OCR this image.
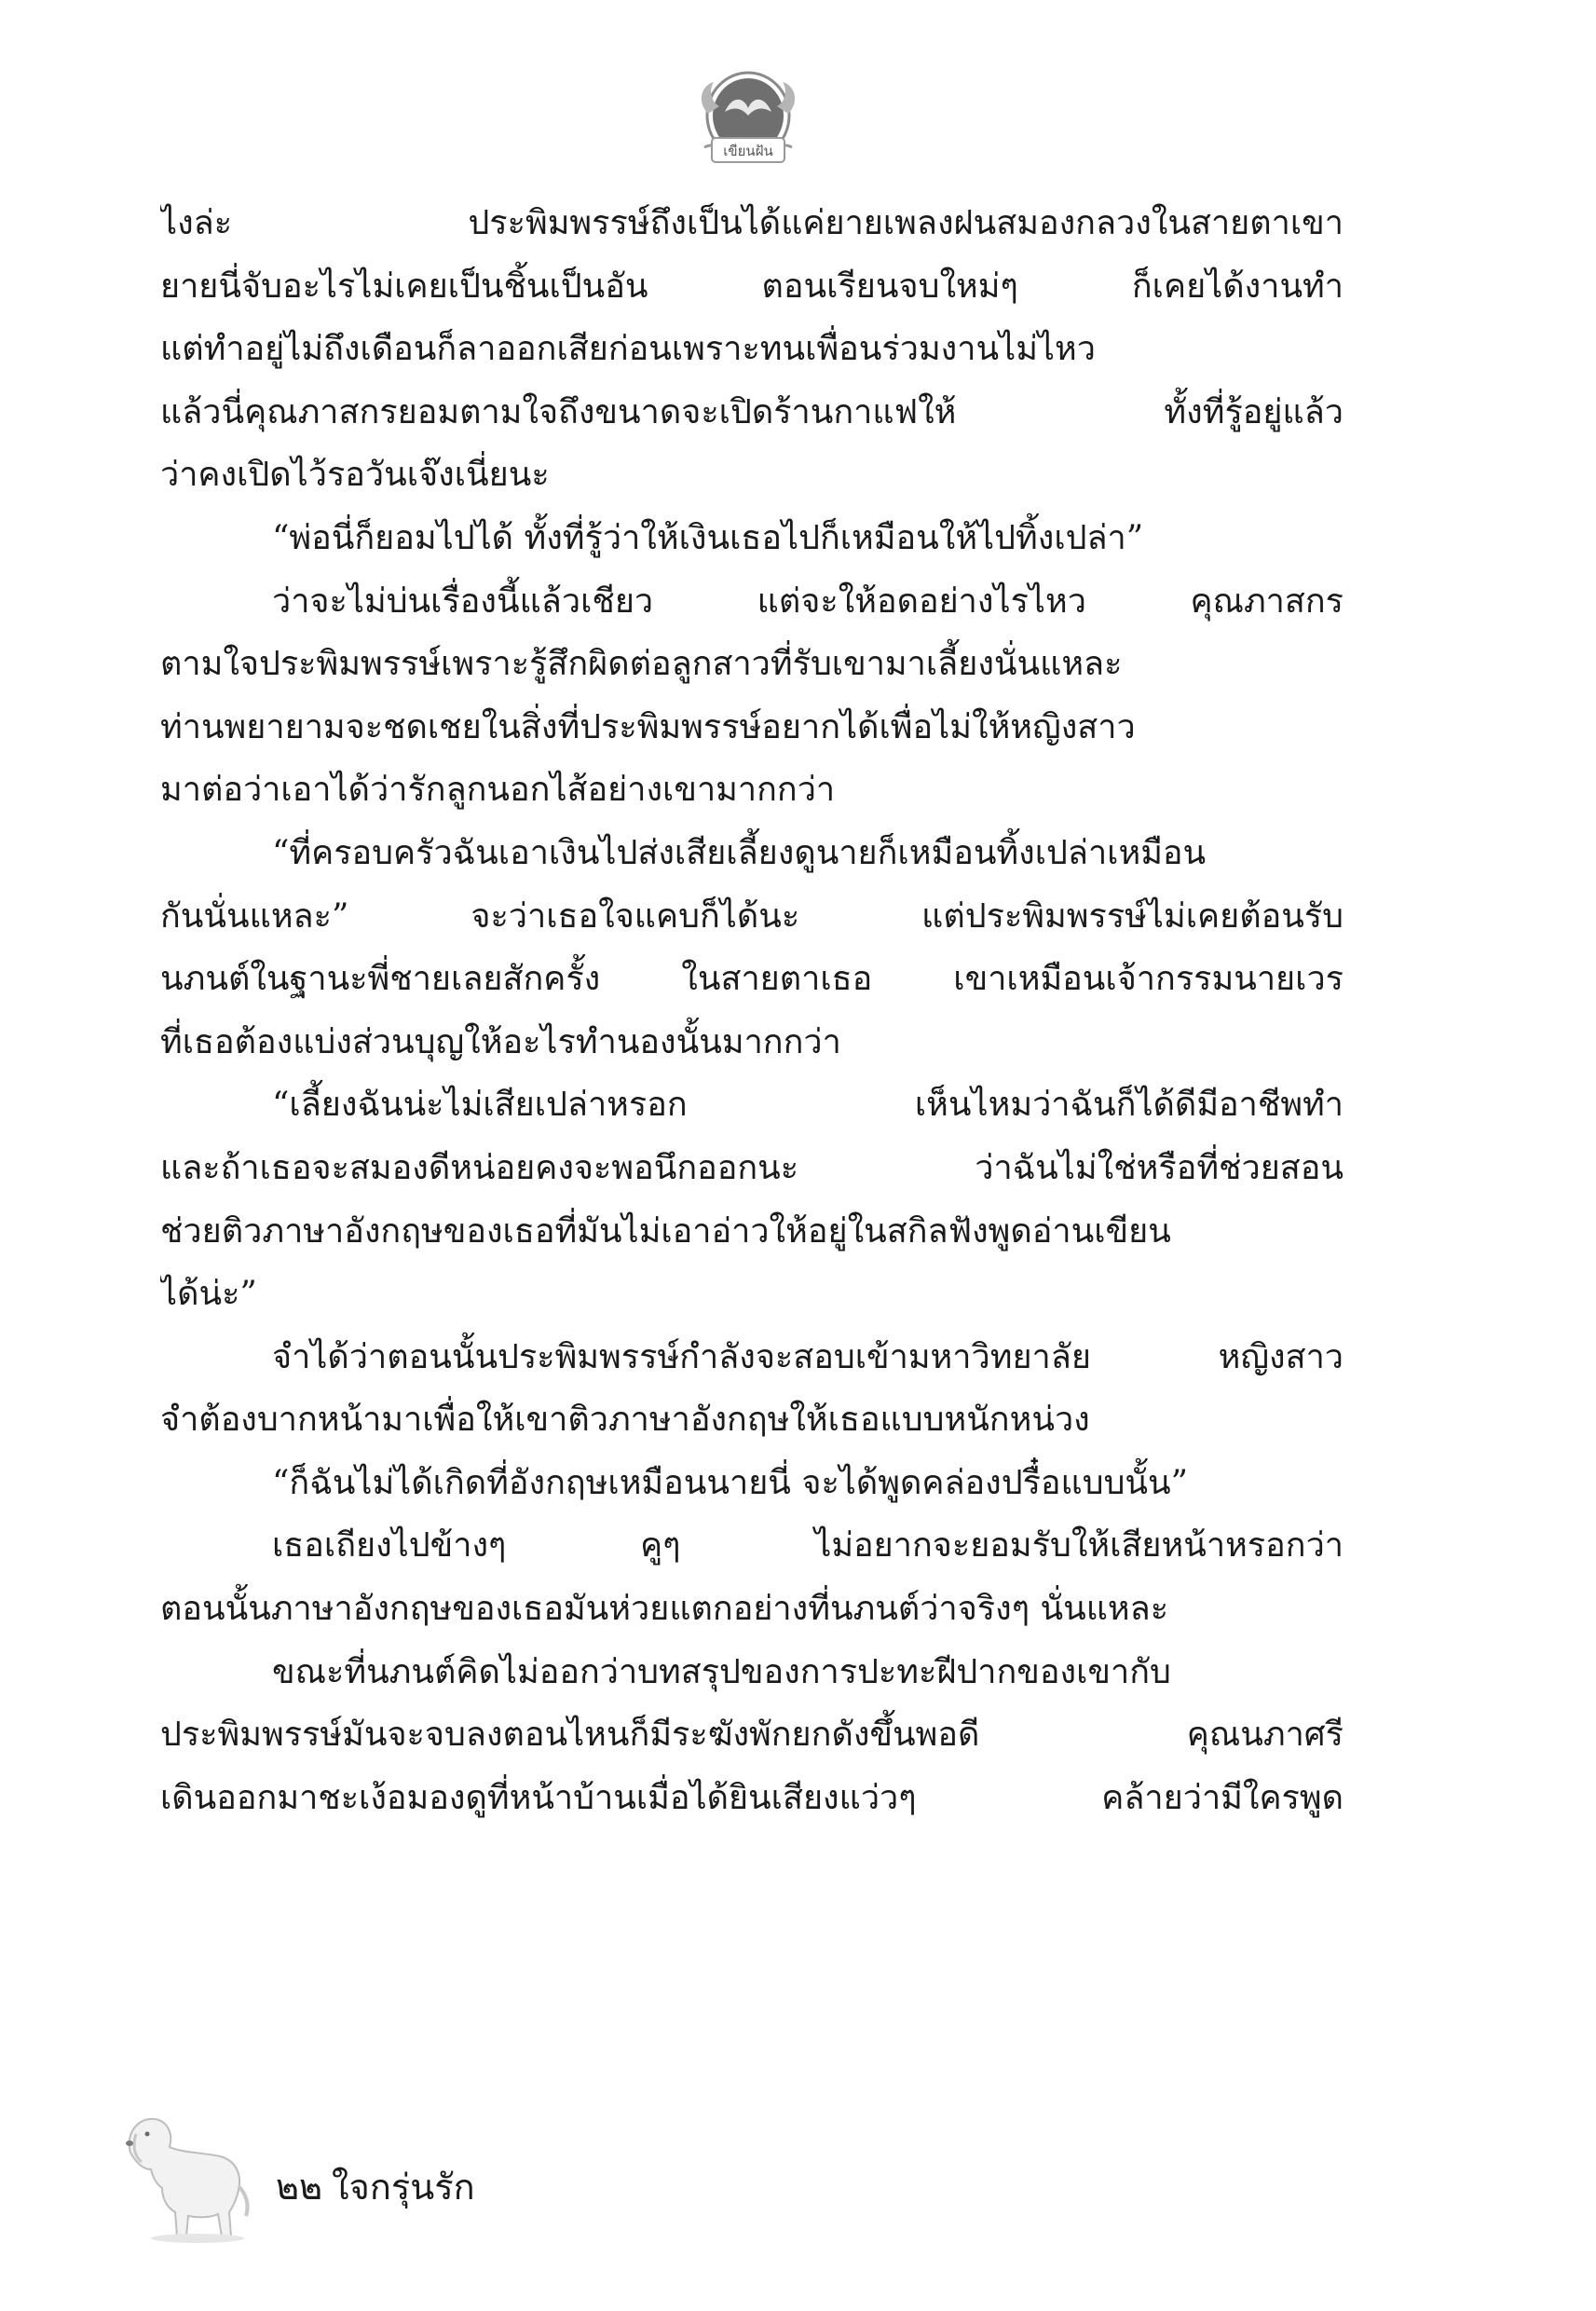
เขียนฝัน
ไงล่ะ ประพิมพรรษ์ถึงเป็นได้แค่ยายเพลงฝนสมองกลวงในสายตาเขา
ยายนี่จับอะไรไม่เคยเป็นชิ้นเป็นอัน ตอนเรียนจบใหม่ๆ ก็เคยได้งานทำ
แต่ทำอยู่ไม่ถึงเดือนก็ลาออกเสียก่อนเพราะทนเพื่อนร่วมงานไม่ไหว
แล้วนี่คุณภาสกรยอมตามใจถึงขนาดจะเปิดร้านกาแฟให้ ทั้งที่รู้อยู่แล้ว
ว่าคงเปิดไว้รอวันเจ๊งเนี่ยนะ
“พ่อนี่ก็ยอมไปได้ ทั้งที่รู้ว่าให้เงินเธอไปก็เหมือนให้ไปทิ้งเปล่า”
ว่าจะไม่บ่นเรื่องนี้แล้วเชียว แต่จะให้อดอย่างไรไหว คุณภาสกร
ตามใจประพิมพรรษ์เพราะรู้สึกผิดต่อลูกสาวที่รับเขามาเลี้ยงนั่นแหละ
ท่านพยายามจะชดเชยในสิ่งที่ประพิมพรรษ์อยากได้เพื่อไม่ให้หญิงสาว
มาต่อว่าเอาได้ว่ารักลูกนอกไส้อย่างเขามากกว่า
“ที่ครอบครัวฉันเอาเงินไปส่งเสียเลี้ยงดูนายก็เหมือนทิ้งเปล่าเหมือน
กันนั่นแหละ” จะว่าเธอใจแคบก็ได้นะ แต่ประพิมพรรษ์ไม่เคยต้อนรับ
นภนต์ในฐานะพี่ชายเลยสักครั้ง ในสายตาเธอ เขาเหมือนเจ้ากรรมนายเวร
ที่เธอต้องแบ่งส่วนบุญให้อะไรทำนองนั้นมากกว่า
“เลี้ยงฉันน่ะไม่เสียเปล่าหรอก เห็นไหมว่าฉันก็ได้ดีมีอาชีพทำ
และถ้าเธอจะสมองดีหน่อยคงจะพอนึกออกนะ ว่าฉันไม่ใช่หรือที่ช่วยสอน
ช่วยติวภาษาอังกฤษของเธอที่มันไม่เอาอ่าวให้อยู่ในสกิลฟังพูดอ่านเขียน
ได้น่ะ”
จำได้ว่าตอนนั้นประพิมพรรษ์กำลังจะสอบเข้ามหาวิทยาลัย หญิงสาว
จำต้องบากหน้ามาเพื่อให้เขาติวภาษาอังกฤษให้เธอแบบหนักหน่วง
“ก็ฉันไม่ได้เกิดที่อังกฤษเหมือนนายนี่ จะได้พูดคล่องปรื๋อแบบนั้น”
เธอเถียงไปข้างๆ คูๆ ไม่อยากจะยอมรับให้เสียหน้าหรอกว่า
ตอนนั้นภาษาอังกฤษของเธอมันห่วยแตกอย่างที่นภนต์ว่าจริงๆ นั่นแหละ
ขณะที่นภนต์คิดไม่ออกว่าบทสรุปของการปะทะฝีปากของเขากับ
ประพิมพรรษ์มันจะจบลงตอนไหนก็มีระฆังพักยกดังขึ้นพอดี คุณนภาศรี
เดินออกมาชะเง้อมองดูที่หน้าบ้านเมื่อได้ยินเสียงแว่วๆ คล้ายว่ามีใครพูด
๒๒ ใจกรุ่นรัก
